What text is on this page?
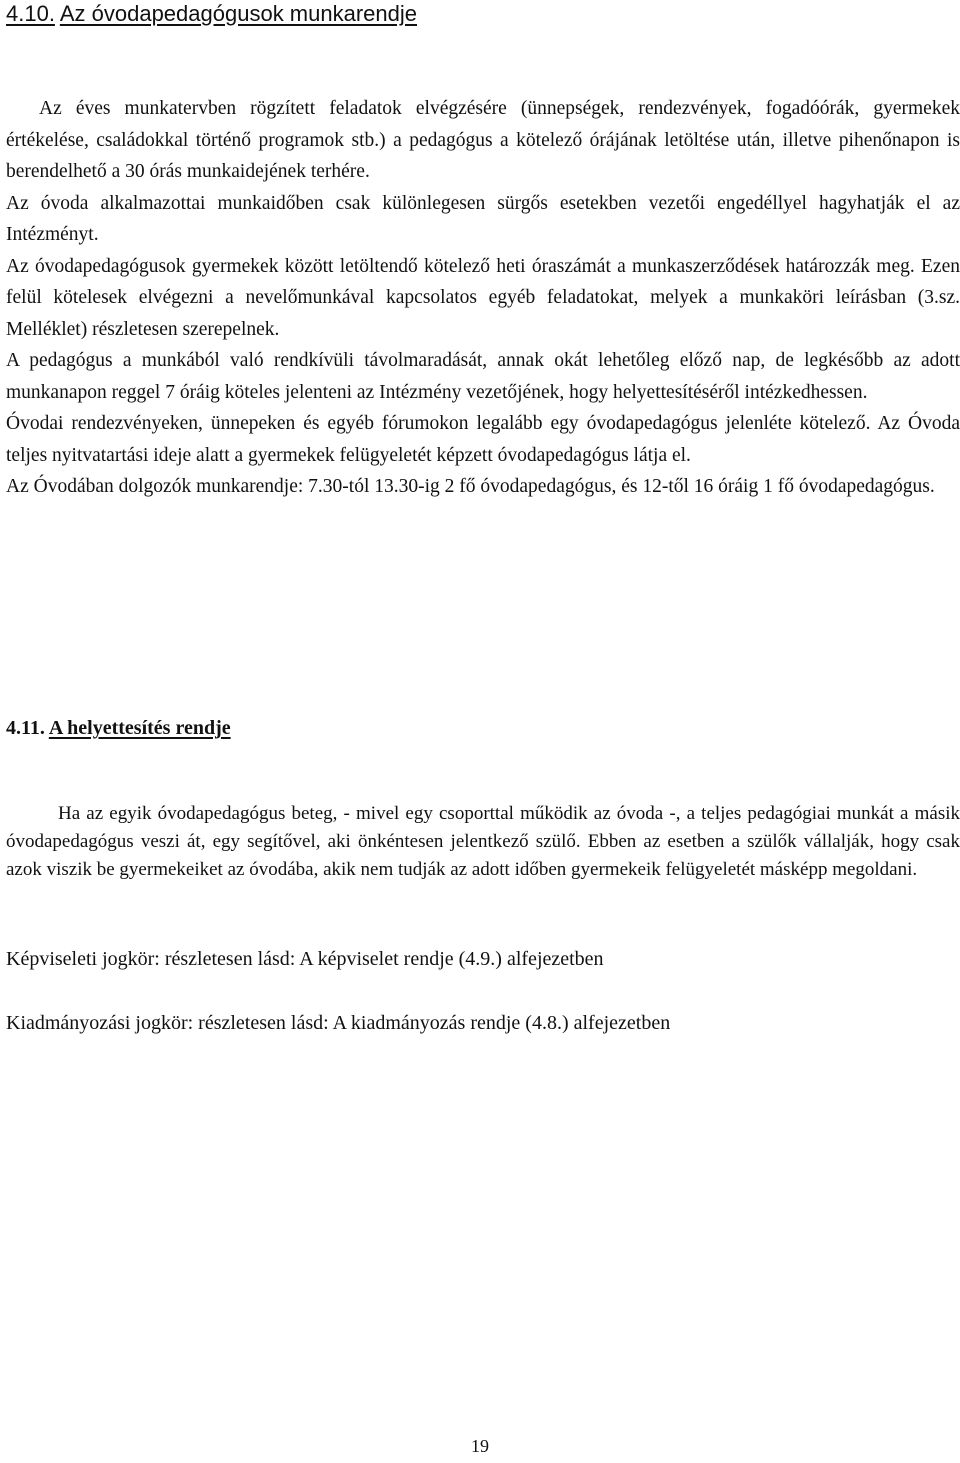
4.10. Az óvodapedagógusok munkarendje

Az éves munkatervben rögzített feladatok elvégzésére (ünnepségek, rendezvények, fogadóórák, gyermekek értékelése, családokkal történő programok stb.) a pedagógus a kötelező órájának letöltése után, illetve pihenőnapon is berendelhető a 30 órás munkaidejének terhére.

Az óvoda alkalmazottai munkaidőben csak különlegesen sürgős esetekben vezetői engedéllyel hagyhatják el az Intézményt.

Az óvodapedagógusok gyermekek között letöltendő kötelező heti óraszámát a munkaszerződések határozzák meg. Ezen felül kötelesek elvégezni a nevelőmunkával kapcsolatos egyéb feladatokat, melyek a munkaköri leírásban (3.sz. Melléklet) részletesen szerepelnek.

A pedagógus a munkából való rendkívüli távolmaradását, annak okát lehetőleg előző nap, de legkésőbb az adott munkanapon reggel 7 óráig köteles jelenteni az Intézmény vezetőjének, hogy helyettesítéséről intézkedhessen.

Óvodai rendezvényeken, ünnepeken és egyéb fórumokon legalább egy óvodapedagógus jelenléte kötelező. Az Óvoda teljes nyitvatartási ideje alatt a gyermekek felügyeletét képzett óvodapedagógus látja el.

Az Óvodában dolgozók munkarendje: 7.30-tól 13.30-ig 2 fő óvodapedagógus, és 12-től 16 óráig 1 fő óvodapedagógus.

4.11. A helyettesítés rendje

Ha az egyik óvodapedagógus beteg, - mivel egy csoporttal működik az óvoda -, a teljes pedagógiai munkát a másik óvodapedagógus veszi át, egy segítővel, aki önkéntesen jelentkező szülő. Ebben az esetben a szülők vállalják, hogy csak azok viszik be gyermekeiket az óvodába, akik nem tudják az adott időben gyermekeik felügyeletét másképp megoldani.

Képviseleti jogkör: részletesen lásd: A képviselet rendje (4.9.) alfejezetben

Kiadmányozási jogkör: részletesen lásd: A kiadmányozás rendje (4.8.) alfejezetben

19
